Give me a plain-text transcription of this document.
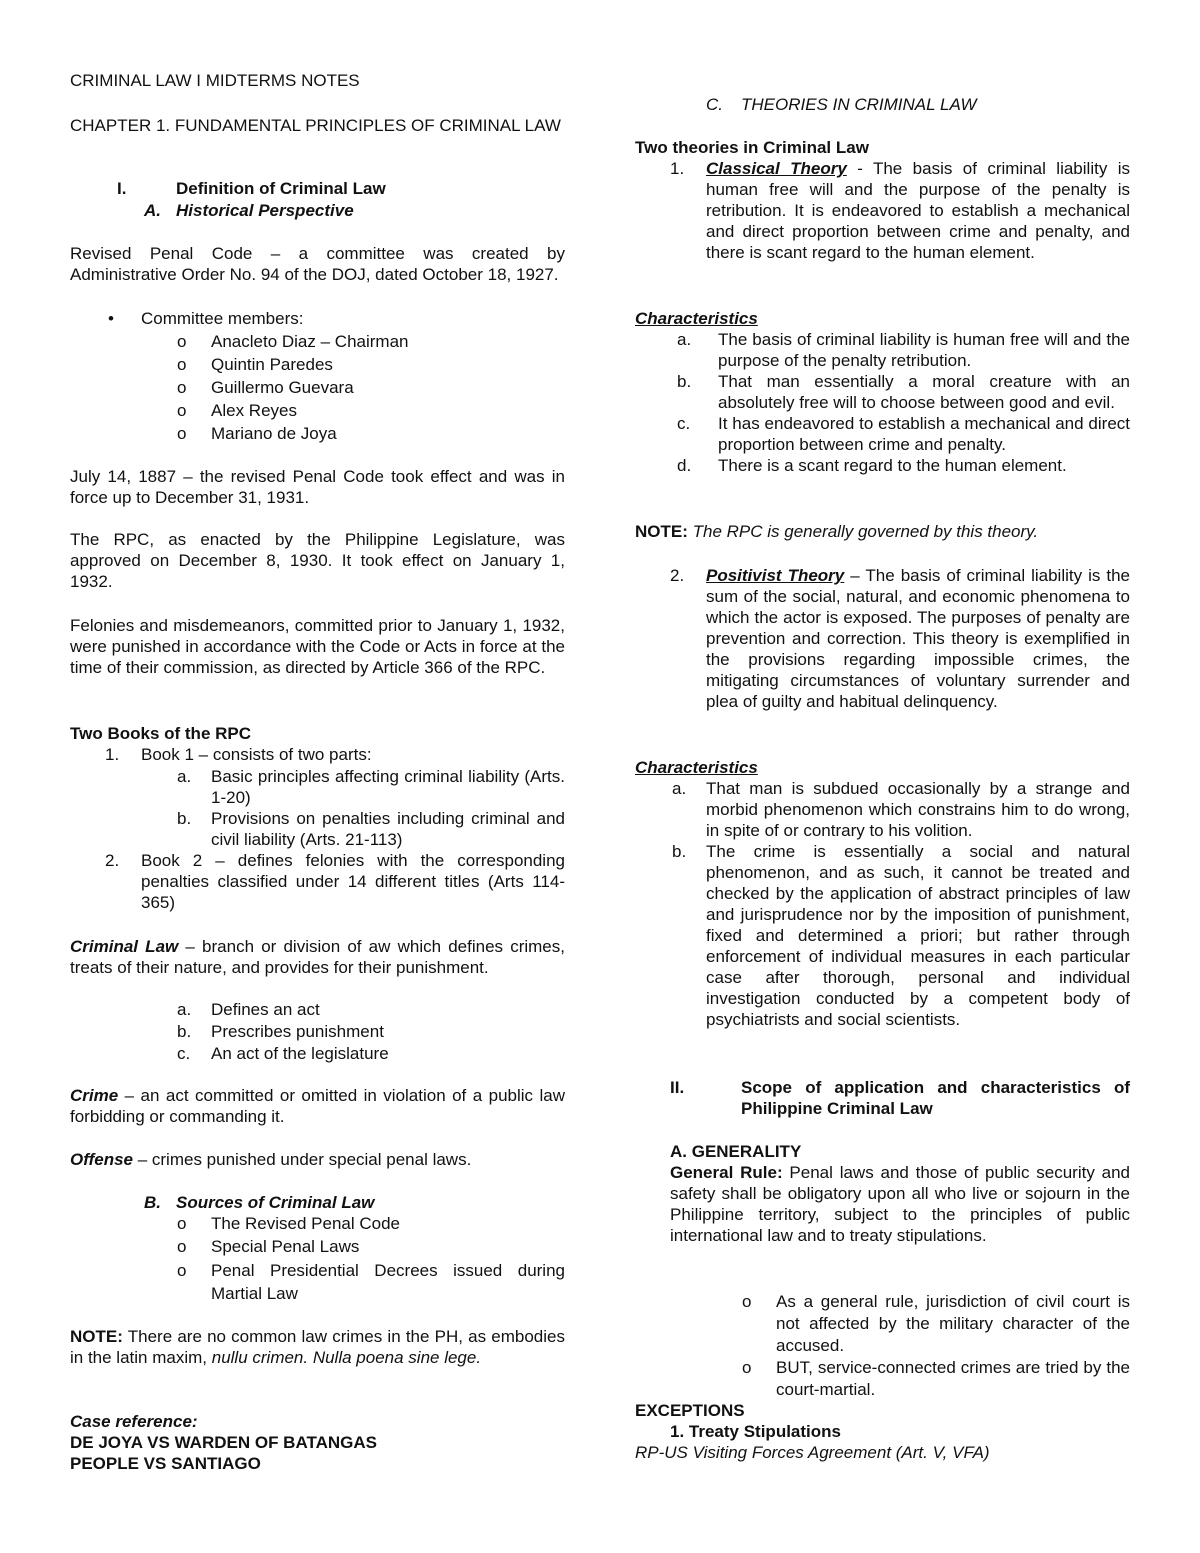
CRIMINAL LAW I MIDTERMS NOTES
CHAPTER 1. FUNDAMENTAL PRINCIPLES OF CRIMINAL LAW
I.	Definition of Criminal Law
A. Historical Perspective
Revised Penal Code – a committee was created by Administrative Order No. 94 of the DOJ, dated October 18, 1927.
• Committee members:
o Anacleto Diaz – Chairman
o Quintin Paredes
o Guillermo Guevara
o Alex Reyes
o Mariano de Joya
July 14, 1887 – the revised Penal Code took effect and was in force up to December 31, 1931.
The RPC, as enacted by the Philippine Legislature, was approved on December 8, 1930. It took effect on January 1, 1932.
Felonies and misdemeanors, committed prior to January 1, 1932, were punished in accordance with the Code or Acts in force at the time of their commission, as directed by Article 366 of the RPC.
Two Books of the RPC
1. Book 1 – consists of two parts:
a. Basic principles affecting criminal liability (Arts. 1-20)
b. Provisions on penalties including criminal and civil liability (Arts. 21-113)
2. Book 2 – defines felonies with the corresponding penalties classified under 14 different titles (Arts 114-365)
Criminal Law – branch or division of aw which defines crimes, treats of their nature, and provides for their punishment.
a. Defines an act
b. Prescribes punishment
c. An act of the legislature
Crime – an act committed or omitted in violation of a public law forbidding or commanding it.
Offense – crimes punished under special penal laws.
B. Sources of Criminal Law
o The Revised Penal Code
o Special Penal Laws
o Penal Presidential Decrees issued during Martial Law
NOTE: There are no common law crimes in the PH, as embodies in the latin maxim, nullu crimen. Nulla poena sine lege.
Case reference:
DE JOYA VS WARDEN OF BATANGAS
PEOPLE VS SANTIAGO
C. THEORIES IN CRIMINAL LAW
Two theories in Criminal Law
1. Classical Theory - The basis of criminal liability is human free will and the purpose of the penalty is retribution. It is endeavored to establish a mechanical and direct proportion between crime and penalty, and there is scant regard to the human element.
Characteristics
a. The basis of criminal liability is human free will and the purpose of the penalty retribution.
b. That man essentially a moral creature with an absolutely free will to choose between good and evil.
c. It has endeavored to establish a mechanical and direct proportion between crime and penalty.
d. There is a scant regard to the human element.
NOTE: The RPC is generally governed by this theory.
2. Positivist Theory – The basis of criminal liability is the sum of the social, natural, and economic phenomena to which the actor is exposed. The purposes of penalty are prevention and correction. This theory is exemplified in the provisions regarding impossible crimes, the mitigating circumstances of voluntary surrender and plea of guilty and habitual delinquency.
Characteristics
a. That man is subdued occasionally by a strange and morbid phenomenon which constrains him to do wrong, in spite of or contrary to his volition.
b. The crime is essentially a social and natural phenomenon, and as such, it cannot be treated and checked by the application of abstract principles of law and jurisprudence nor by the imposition of punishment, fixed and determined a priori; but rather through enforcement of individual measures in each particular case after thorough, personal and individual investigation conducted by a competent body of psychiatrists and social scientists.
II.	Scope of application and characteristics of Philippine Criminal Law
A. GENERALITY
General Rule: Penal laws and those of public security and safety shall be obligatory upon all who live or sojourn in the Philippine territory, subject to the principles of public international law and to treaty stipulations.
o As a general rule, jurisdiction of civil court is not affected by the military character of the accused.
o BUT, service-connected crimes are tried by the court-martial.
EXCEPTIONS
1. Treaty Stipulations
RP-US Visiting Forces Agreement (Art. V, VFA)
